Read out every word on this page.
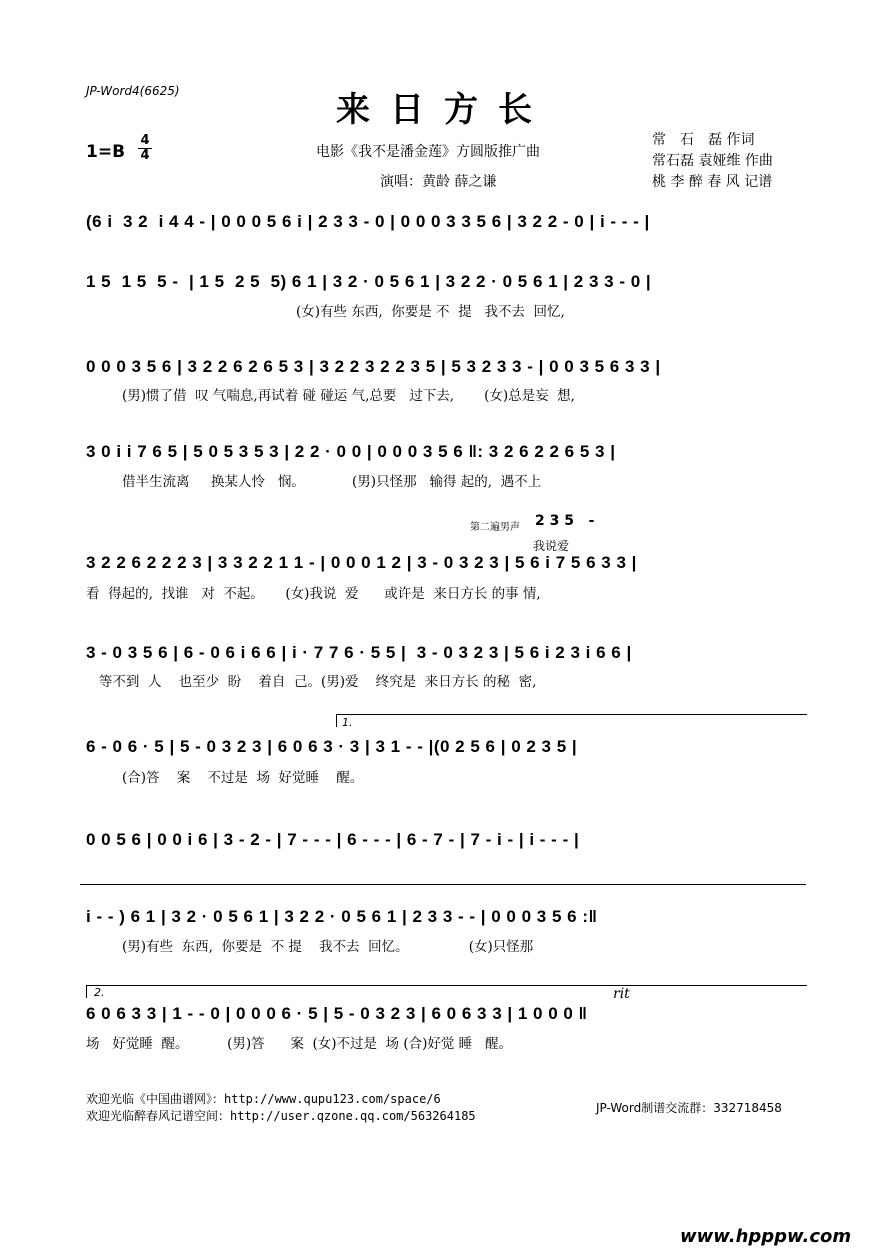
JP-Word4(6625)	来日方长
1=B
4
4	电影《我不是潘金莲》方圆版推广曲
演唱：黄龄 薛之谦
常　石　磊 作词
常石磊 袁娅维 作曲
桃 李 醉 春 风 记谱
(6 i  3 2  i 4 4 - | 0 0 0 5 6 i | 2 3 3 - 0 | 0 0 0 3 3 5 6 | 3 2 2 - 0 | i - - - |
1 5  1 5  5 -  | 1 5  2 5  5) 6 1 | 3 2 · 0 5 6 1 | 3 2 2 · 0 5 6 1 | 2 3 3 - 0 |
(女)有些 东西,  你要是 不  提   我不去  回忆,
0 0 0 3 5 6 | 3 2 2 6 2 6 5 3 | 3 2 2 3 2 2 3 5 | 5 3 2 3 3 - | 0 0 3 5 6 3 3 |
(男)惯了借  叹 气喘息,再试着 碰 碰运 气,总要   过下去,       (女)总是妄  想,
3 0 i i 7 6 5 | 5 0 5 3 5 3 | 2 2 · 0 0 | 0 0 0 3 5 6 ‖: 3 2 6 2 2 6 5 3 |
借半生流离     换某人怜   悯。           (男)只怪那   输得 起的,  遇不上
第二遍男声 2 3 5   -
我说爱
3 2 2 6 2 2 2 3 | 3 3 2 2 1 1 - | 0 0 0 1 2 | 3 - 0 3 2 3 | 5 6 i 7 5 6 3 3 |
看  得起的,  找谁   对  不起。     (女)我说  爱      或许是  来日方长 的事 情,
3 - 0 3 5 6 | 6 - 0 6 i 6 6 | i · 7 7 6 · 5 5 |  3 - 0 3 2 3 | 5 6 i 2 3 i 6 6 |
等不到  人    也至少  盼    着自  己。(男)爱    终究是  来日方长 的秘  密,
1.
6 - 0 6 · 5 | 5 - 0 3 2 3 | 6 0 6 3 · 3 | 3 1 - - |(0 2 5 6 | 0 2 3 5 |
(合)答    案    不过是  场  好觉睡    醒。
0 0 5 6 | 0 0 i 6 | 3 - 2 - | 7 - - - | 6 - - - | 6 - 7 - | 7 - i - | i - - - |
i - - ) 6 1 | 3 2 · 0 5 6 1 | 3 2 2 · 0 5 6 1 | 2 3 3 - - | 0 0 0 3 5 6 :‖
(男)有些  东西,  你要是  不 提    我不去  回忆。              (女)只怪那
2.	rit
6 0 6 3 3 | 1 - - 0 | 0 0 0 6 · 5 | 5 - 0 3 2 3 | 6 0 6 3 3 | 1 0 0 0 ‖
场   好觉睡  醒。         (男)答      案  (女)不过是  场 (合)好觉 睡   醒。
欢迎光临《中国曲谱网》：http://www.qupu123.com/space/6
欢迎光临醉春风记谱空间：http://user.qzone.qq.com/563264185
JP-Word制谱交流群：332718458
www.hpppw.com
